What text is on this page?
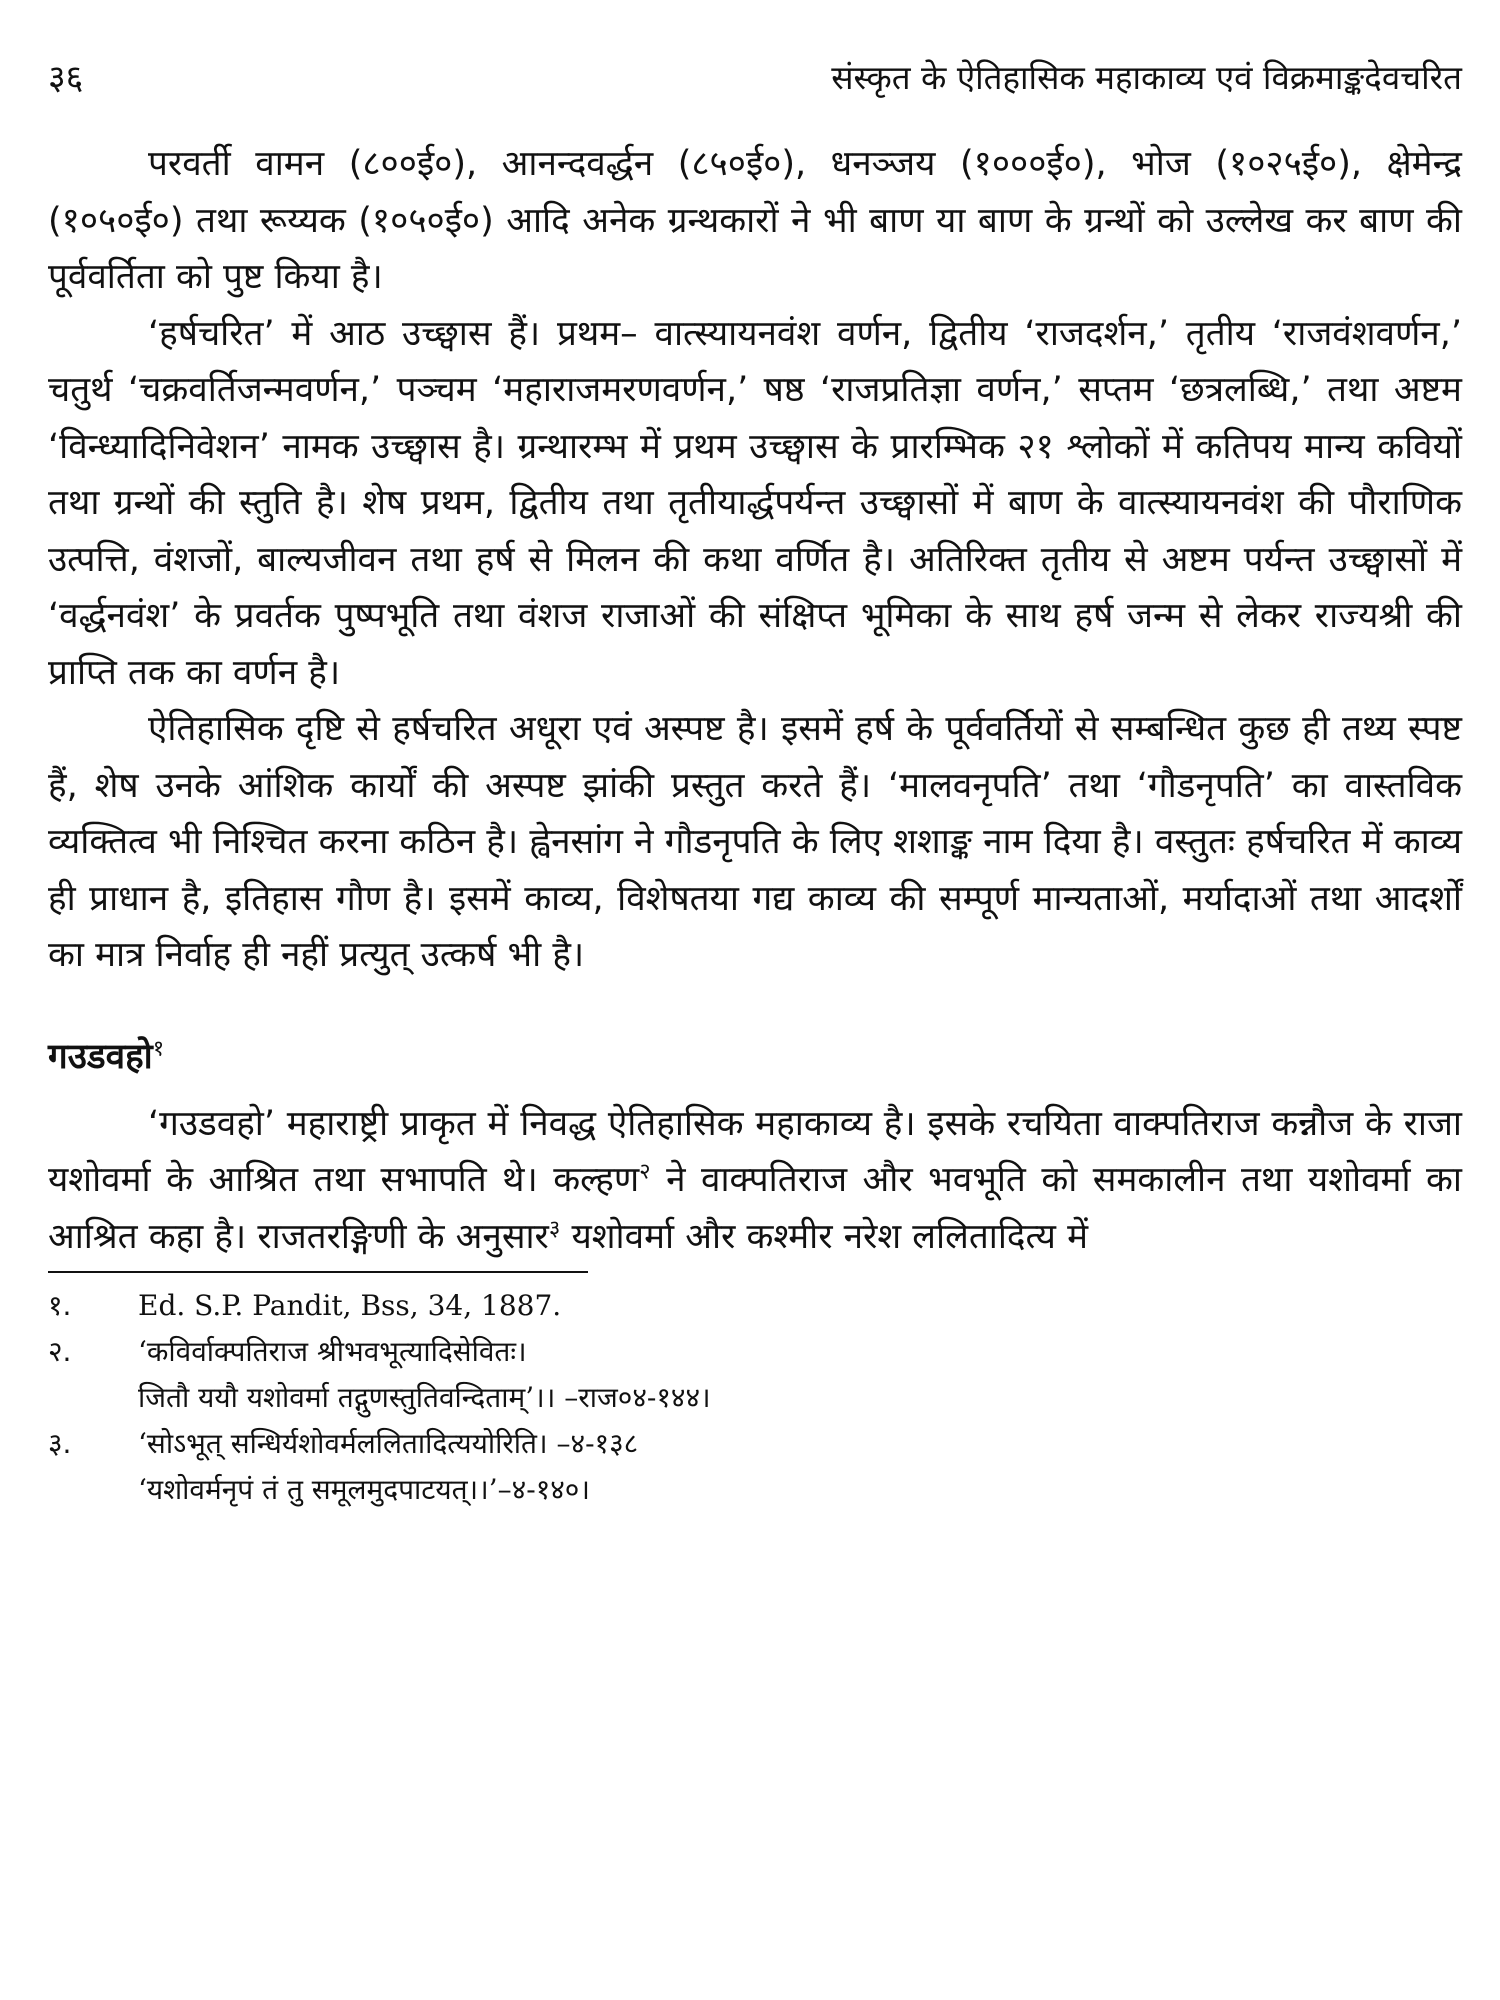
३६	संस्कृत के ऐतिहासिक महाकाव्य एवं विक्रमाङ्कदेवचरित

परवर्ती वामन (८००ई०), आनन्दवर्द्धन (८५०ई०), धनञ्जय (१०००ई०), भोज (१०२५ई०), क्षेमेन्द्र (१०५०ई०) तथा रूय्यक (१०५०ई०) आदि अनेक ग्रन्थकारों ने भी बाण या बाण के ग्रन्थों को उल्लेख कर बाण की पूर्ववर्तिता को पुष्ट किया है।

‘हर्षचरित’ में आठ उच्छ्वास हैं। प्रथम– वात्स्यायनवंश वर्णन, द्वितीय ‘राजदर्शन,’ तृतीय ‘राजवंशवर्णन,’ चतुर्थ ‘चक्रवर्तिजन्मवर्णन,’ पञ्चम ‘महाराजमरणवर्णन,’ षष्ठ ‘राजप्रतिज्ञा वर्णन,’ सप्तम ‘छत्रलब्धि,’ तथा अष्टम ‘विन्ध्यादिनिवेशन’ नामक उच्छ्वास है। ग्रन्थारम्भ में प्रथम उच्छ्वास के प्रारम्भिक २१ श्लोकों में कतिपय मान्य कवियों तथा ग्रन्थों की स्तुति है। शेष प्रथम, द्वितीय तथा तृतीयार्द्धपर्यन्त उच्छ्वासों में बाण के वात्स्यायनवंश की पौराणिक उत्पत्ति, वंशजों, बाल्यजीवन तथा हर्ष से मिलन की कथा वर्णित है। अतिरिक्त तृतीय से अष्टम पर्यन्त उच्छ्वासों में ‘वर्द्धनवंश’ के प्रवर्तक पुष्पभूति तथा वंशज राजाओं की संक्षिप्त भूमिका के साथ हर्ष जन्म से लेकर राज्यश्री की प्राप्ति तक का वर्णन है।

ऐतिहासिक दृष्टि से हर्षचरित अधूरा एवं अस्पष्ट है। इसमें हर्ष के पूर्ववर्तियों से सम्बन्धित कुछ ही तथ्य स्पष्ट हैं, शेष उनके आंशिक कार्यों की अस्पष्ट झांकी प्रस्तुत करते हैं। ‘मालवनृपति’ तथा ‘गौडनृपति’ का वास्तविक व्यक्तित्व भी निश्चित करना कठिन है। ह्वेनसांग ने गौडनृपति के लिए शशाङ्क नाम दिया है। वस्तुतः हर्षचरित में काव्य ही प्राधान है, इतिहास गौण है। इसमें काव्य, विशेषतया गद्य काव्य की सम्पूर्ण मान्यताओं, मर्यादाओं तथा आदर्शों का मात्र निर्वाह ही नहीं प्रत्युत् उत्कर्ष भी है।

गउडवहो$^१$

‘गउडवहो’ महाराष्ट्री प्राकृत में निवद्ध ऐतिहासिक महाकाव्य है। इसके रचयिता वाक्पतिराज कन्नौज के राजा यशोवर्मा के आश्रित तथा सभापति थे। कल्हण$^२$ ने वाक्पतिराज और भवभूति को समकालीन तथा यशोवर्मा का आश्रित कहा है। राजतरङ्गिणी के अनुसार$^३$ यशोवर्मा और कश्मीर नरेश ललितादित्य में

१.	Ed. S.P. Pandit, Bss, 34, 1887.
२.	‘कविर्वाक्पतिराज श्रीभवभूत्यादिसेवितः।
जितौ ययौ यशोवर्मा तद्गुणस्तुतिवन्दिताम्’।। –राज०४-१४४।
३.	‘सोऽभूत् सन्धिर्यशोवर्मललितादित्ययोरिति। –४-१३८
‘यशोवर्मनृपं तं तु समूलमुदपाटयत्।।’–४-१४०।
